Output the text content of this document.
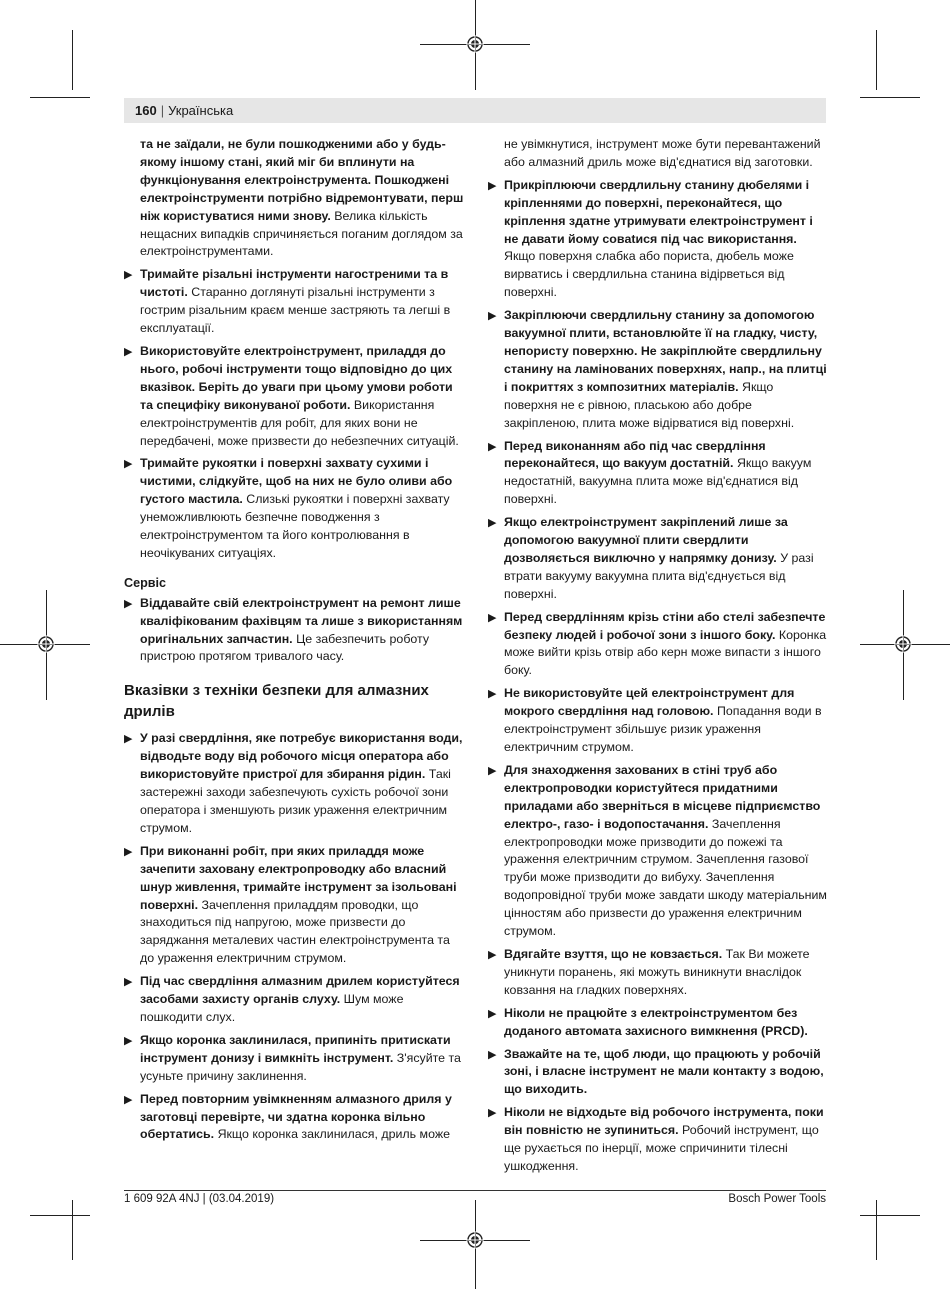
160 | Українська

та не заїдали, не були пошкодженими або у будь-якому іншому стані, який міг би вплинути на функціонування електроінструмента. Пошкоджені електроінструменти потрібно відремонтувати, перш ніж користуватися ними знову. Велика кількість нещасних випадків спричиняється поганим доглядом за електроінструментами.

▶ Тримайте різальні інструменти нагостреними та в чистоті. Старанно доглянуті різальні інструменти з гострим різальним краєм менше застряють та легші в експлуатації.
▶ Використовуйте електроінструмент, приладдя до нього, робочі інструменти тощо відповідно до цих вказівок. Беріть до уваги при цьому умови роботи та специфіку виконуваної роботи. Використання електроінструментів для робіт, для яких вони не передбачені, може призвести до небезпечних ситуацій.
▶ Тримайте рукоятки і поверхні захвату сухими і чистими, слідкуйте, щоб на них не було оливи або густого мастила. Слизькі рукоятки і поверхні захвату унеможливлюють безпечне поводження з електроінструментом та його контролювання в неочікуваних ситуаціях.
Сервіс
▶ Віддавайте свій електроінструмент на ремонт лише кваліфікованим фахівцям та лише з використанням оригінальних запчастин. Це забезпечить роботу пристрою протягом тривалого часу.
Вказівки з техніки безпеки для алмазних дрилів
▶ У разі свердління, яке потребує використання води, відводьте воду від робочого місця оператора або використовуйте пристрої для збирання рідин. Такі застережні заходи забезпечують сухість робочої зони оператора і зменшують ризик ураження електричним струмом.
▶ При виконанні робіт, при яких приладдя може зачепити заховану електропроводку або власний шнур живлення, тримайте інструмент за ізольовані поверхні. Зачеплення приладдям проводки, що знаходиться під напругою, може призвести до заряджання металевих частин електроінструмента та до ураження електричним струмом.
▶ Під час свердління алмазним дрилем користуйтеся засобами захисту органів слуху. Шум може пошкодити слух.
▶ Якщо коронка заклинилася, припиніть притискати інструмент донизу і вимкніть інструмент. З'ясуйте та усуньте причину заклинення.
▶ Перед повторним увімкненням алмазного дриля у заготовці перевірте, чи здатна коронка вільно обертатись. Якщо коронка заклинилася, дриль може

не увімкнутися, інструмент може бути перевантажений або алмазний дриль може від'єднатися від заготовки.

▶ Прикріплюючи свердлильну станину дюбелями і кріпленнями до поверхні, переконайтеся, що кріплення здатне утримувати електроінструмент і не давати йому совatися під час використання. Якщо поверхня слабка або пориста, дюбель може вирватись і свердлильна станина відірветься від поверхні.
▶ Закріплюючи свердлильну станину за допомогою вакуумної плити, встановлюйте її на гладку, чисту, непористу поверхню. Не закріплюйте свердлильну станину на ламінованих поверхнях, напр., на плитці і покриттях з композитних матеріалів. Якщо поверхня не є рівною, плаською або добре закріпленою, плита може відірватися від поверхні.
▶ Перед виконанням або під час свердління переконайтеся, що вакуум достатній. Якщо вакуум недостатній, вакуумна плита може від'єднатися від поверхні.
▶ Якщо електроінструмент закріплений лише за допомогою вакуумної плити свердлити дозволяється виключно у напрямку донизу. У разі втрати вакууму вакуумна плита від'єднується від поверхні.
▶ Перед свердлінням крізь стіни або стелі забезпечте безпеку людей і робочої зони з іншого боку. Коронка може вийти крізь отвір або керн може випасти з іншого боку.
▶ Не використовуйте цей електроінструмент для мокрого свердління над головою. Попадання води в електроінструмент збільшує ризик ураження електричним струмом.
▶ Для знаходження захованих в стіні труб або електропроводки користуйтеся придатними приладами або зверніться в місцеве підприємство електро-, газо- і водопостачання. Зачеплення електропроводки може призводити до пожежі та ураження електричним струмом. Зачеплення газової труби може призводити до вибуху. Зачеплення водопровідної труби може завдати шкоду матеріальним цінностям або призвести до ураження електричним струмом.
▶ Вдягайте взуття, що не ковзається. Так Ви можете уникнути поранень, які можуть виникнути внаслідок ковзання на гладких поверхнях.
▶ Ніколи не працюйте з електроінструментом без доданого автомата захисного вимкнення (PRCD).
▶ Зважайте на те, щоб люди, що працюють у робочій зоні, і власне інструмент не мали контакту з водою, що виходить.
▶ Ніколи не відходьте від робочого інструмента, поки він повністю не зупиниться. Робочий інструмент, що ще рухається по інерції, може спричинити тілесні ушкодження.
1 609 92A 4NJ | (03.04.2019)	Bosch Power Tools
